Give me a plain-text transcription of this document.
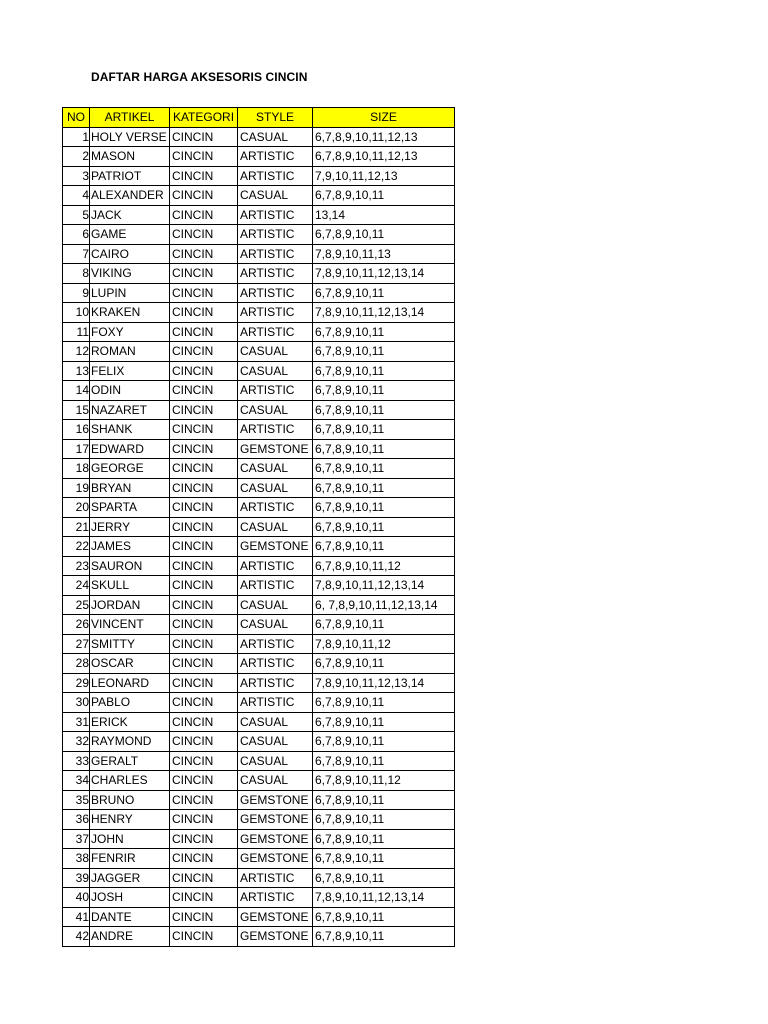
DAFTAR HARGA AKSESORIS CINCIN
NO	ARTIKEL	KATEGORI	STYLE	SIZE
1	HOLY VERSE	CINCIN	CASUAL	6,7,8,9,10,11,12,13
2	MASON	CINCIN	ARTISTIC	6,7,8,9,10,11,12,13
3	PATRIOT	CINCIN	ARTISTIC	7,9,10,11,12,13
4	ALEXANDER	CINCIN	CASUAL	6,7,8,9,10,11
5	JACK	CINCIN	ARTISTIC	13,14
6	GAME	CINCIN	ARTISTIC	6,7,8,9,10,11
7	CAIRO	CINCIN	ARTISTIC	7,8,9,10,11,13
8	VIKING	CINCIN	ARTISTIC	7,8,9,10,11,12,13,14
9	LUPIN	CINCIN	ARTISTIC	6,7,8,9,10,11
10	KRAKEN	CINCIN	ARTISTIC	7,8,9,10,11,12,13,14
11	FOXY	CINCIN	ARTISTIC	6,7,8,9,10,11
12	ROMAN	CINCIN	CASUAL	6,7,8,9,10,11
13	FELIX	CINCIN	CASUAL	6,7,8,9,10,11
14	ODIN	CINCIN	ARTISTIC	6,7,8,9,10,11
15	NAZARET	CINCIN	CASUAL	6,7,8,9,10,11
16	SHANK	CINCIN	ARTISTIC	6,7,8,9,10,11
17	EDWARD	CINCIN	GEMSTONE	6,7,8,9,10,11
18	GEORGE	CINCIN	CASUAL	6,7,8,9,10,11
19	BRYAN	CINCIN	CASUAL	6,7,8,9,10,11
20	SPARTA	CINCIN	ARTISTIC	6,7,8,9,10,11
21	JERRY	CINCIN	CASUAL	6,7,8,9,10,11
22	JAMES	CINCIN	GEMSTONE	6,7,8,9,10,11
23	SAURON	CINCIN	ARTISTIC	6,7,8,9,10,11,12
24	SKULL	CINCIN	ARTISTIC	7,8,9,10,11,12,13,14
25	JORDAN	CINCIN	CASUAL	6, 7,8,9,10,11,12,13,14
26	VINCENT	CINCIN	CASUAL	6,7,8,9,10,11
27	SMITTY	CINCIN	ARTISTIC	7,8,9,10,11,12
28	OSCAR	CINCIN	ARTISTIC	6,7,8,9,10,11
29	LEONARD	CINCIN	ARTISTIC	7,8,9,10,11,12,13,14
30	PABLO	CINCIN	ARTISTIC	6,7,8,9,10,11
31	ERICK	CINCIN	CASUAL	6,7,8,9,10,11
32	RAYMOND	CINCIN	CASUAL	6,7,8,9,10,11
33	GERALT	CINCIN	CASUAL	6,7,8,9,10,11
34	CHARLES	CINCIN	CASUAL	6,7,8,9,10,11,12
35	BRUNO	CINCIN	GEMSTONE	6,7,8,9,10,11
36	HENRY	CINCIN	GEMSTONE	6,7,8,9,10,11
37	JOHN	CINCIN	GEMSTONE	6,7,8,9,10,11
38	FENRIR	CINCIN	GEMSTONE	6,7,8,9,10,11
39	JAGGER	CINCIN	ARTISTIC	6,7,8,9,10,11
40	JOSH	CINCIN	ARTISTIC	7,8,9,10,11,12,13,14
41	DANTE	CINCIN	GEMSTONE	6,7,8,9,10,11
42	ANDRE	CINCIN	GEMSTONE	6,7,8,9,10,11
